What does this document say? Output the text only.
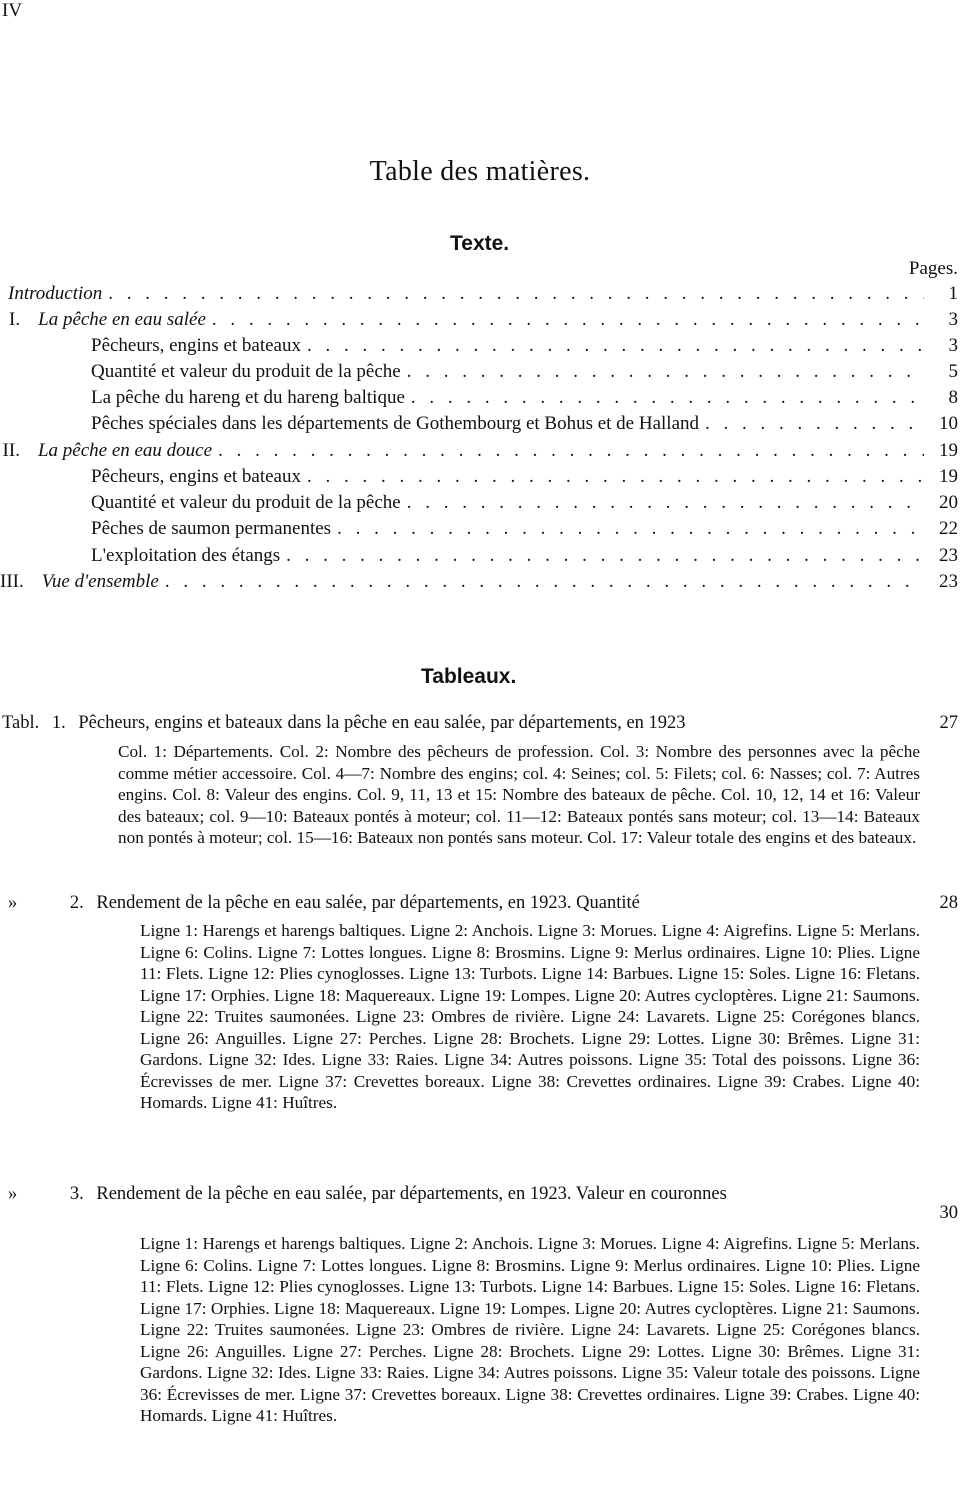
IV
Table des matières.
Texte.
Pages.
Introduction . . .	1
I. La pêche en eau salée . . .	3
Pêcheurs, engins et bateaux . . .	3
Quantité et valeur du produit de la pêche . . .	5
La pêche du hareng et du hareng baltique . . .	8
Pêches spéciales dans les départements de Gothembourg et Bohus et de Halland . . .	10
II. La pêche en eau douce . . .	19
Pêcheurs, engins et bateaux . . .	19
Quantité et valeur du produit de la pêche . . .	20
Pêches de saumon permanentes . . .	22
L'exploitation des étangs . . .	23
III. Vue d'ensemble . . .	23
Tableaux.
Tabl. 1. Pêcheurs, engins et bateaux dans la pêche en eau salée, par départements, en 1923	27
Col. 1: Départements. Col. 2: Nombre des pêcheurs de profession. Col. 3: Nombre des personnes avec la pêche comme métier accessoire. Col. 4—7: Nombre des engins; col. 4: Seines; col. 5: Filets; col. 6: Nasses; col. 7: Autres engins. Col. 8: Valeur des engins. Col. 9, 11, 13 et 15: Nombre des bateaux de pêche. Col. 10, 12, 14 et 16: Valeur des bateaux; col. 9—10: Bateaux pontés à moteur; col. 11—12: Bateaux pontés sans moteur; col. 13—14: Bateaux non pontés à moteur; col. 15—16: Bateaux non pontés sans moteur. Col. 17: Valeur totale des engins et des bateaux.
»	2. Rendement de la pêche en eau salée, par départements, en 1923. Quantité	28
Ligne 1: Harengs et harengs baltiques. Ligne 2: Anchois. Ligne 3: Morues. Ligne 4: Aigrefins. Ligne 5: Merlans. Ligne 6: Colins. Ligne 7: Lottes longues. Ligne 8: Brosmins. Ligne 9: Merlus ordinaires. Ligne 10: Plies. Ligne 11: Flets. Ligne 12: Plies cynoglosses. Ligne 13: Turbots. Ligne 14: Barbues. Ligne 15: Soles. Ligne 16: Fletans. Ligne 17: Orphies. Ligne 18: Maquereaux. Ligne 19: Lompes. Ligne 20: Autres cycloptères. Ligne 21: Saumons. Ligne 22: Truites saumonées. Ligne 23: Ombres de rivière. Ligne 24: Lavarets. Ligne 25: Corégones blancs. Ligne 26: Anguilles. Ligne 27: Perches. Ligne 28: Brochets. Ligne 29: Lottes. Ligne 30: Brêmes. Ligne 31: Gardons. Ligne 32: Ides. Ligne 33: Raies. Ligne 34: Autres poissons. Ligne 35: Total des poissons. Ligne 36: Écrevisses de mer. Ligne 37: Crevettes boreaux. Ligne 38: Crevettes ordinaires. Ligne 39: Crabes. Ligne 40: Homards. Ligne 41: Huîtres.
»	3. Rendement de la pêche en eau salée, par départements, en 1923. Valeur en couronnes
30
Ligne 1: Harengs et harengs baltiques. Ligne 2: Anchois. Ligne 3: Morues. Ligne 4: Aigrefins. Ligne 5: Merlans. Ligne 6: Colins. Ligne 7: Lottes longues. Ligne 8: Brosmins. Ligne 9: Merlus ordinaires. Ligne 10: Plies. Ligne 11: Flets. Ligne 12: Plies cynoglosses. Ligne 13: Turbots. Ligne 14: Barbues. Ligne 15: Soles. Ligne 16: Fletans. Ligne 17: Orphies. Ligne 18: Maquereaux. Ligne 19: Lompes. Ligne 20: Autres cycloptères. Ligne 21: Saumons. Ligne 22: Truites saumonées. Ligne 23: Ombres de rivière. Ligne 24: Lavarets. Ligne 25: Corégones blancs. Ligne 26: Anguilles. Ligne 27: Perches. Ligne 28: Brochets. Ligne 29: Lottes. Ligne 30: Brêmes. Ligne 31: Gardons. Ligne 32: Ides. Ligne 33: Raies. Ligne 34: Autres poissons. Ligne 35: Valeur totale des poissons. Ligne 36: Écrevisses de mer. Ligne 37: Crevettes boreaux. Ligne 38: Crevettes ordinaires. Ligne 39: Crabes. Ligne 40: Homards. Ligne 41: Huîtres.
